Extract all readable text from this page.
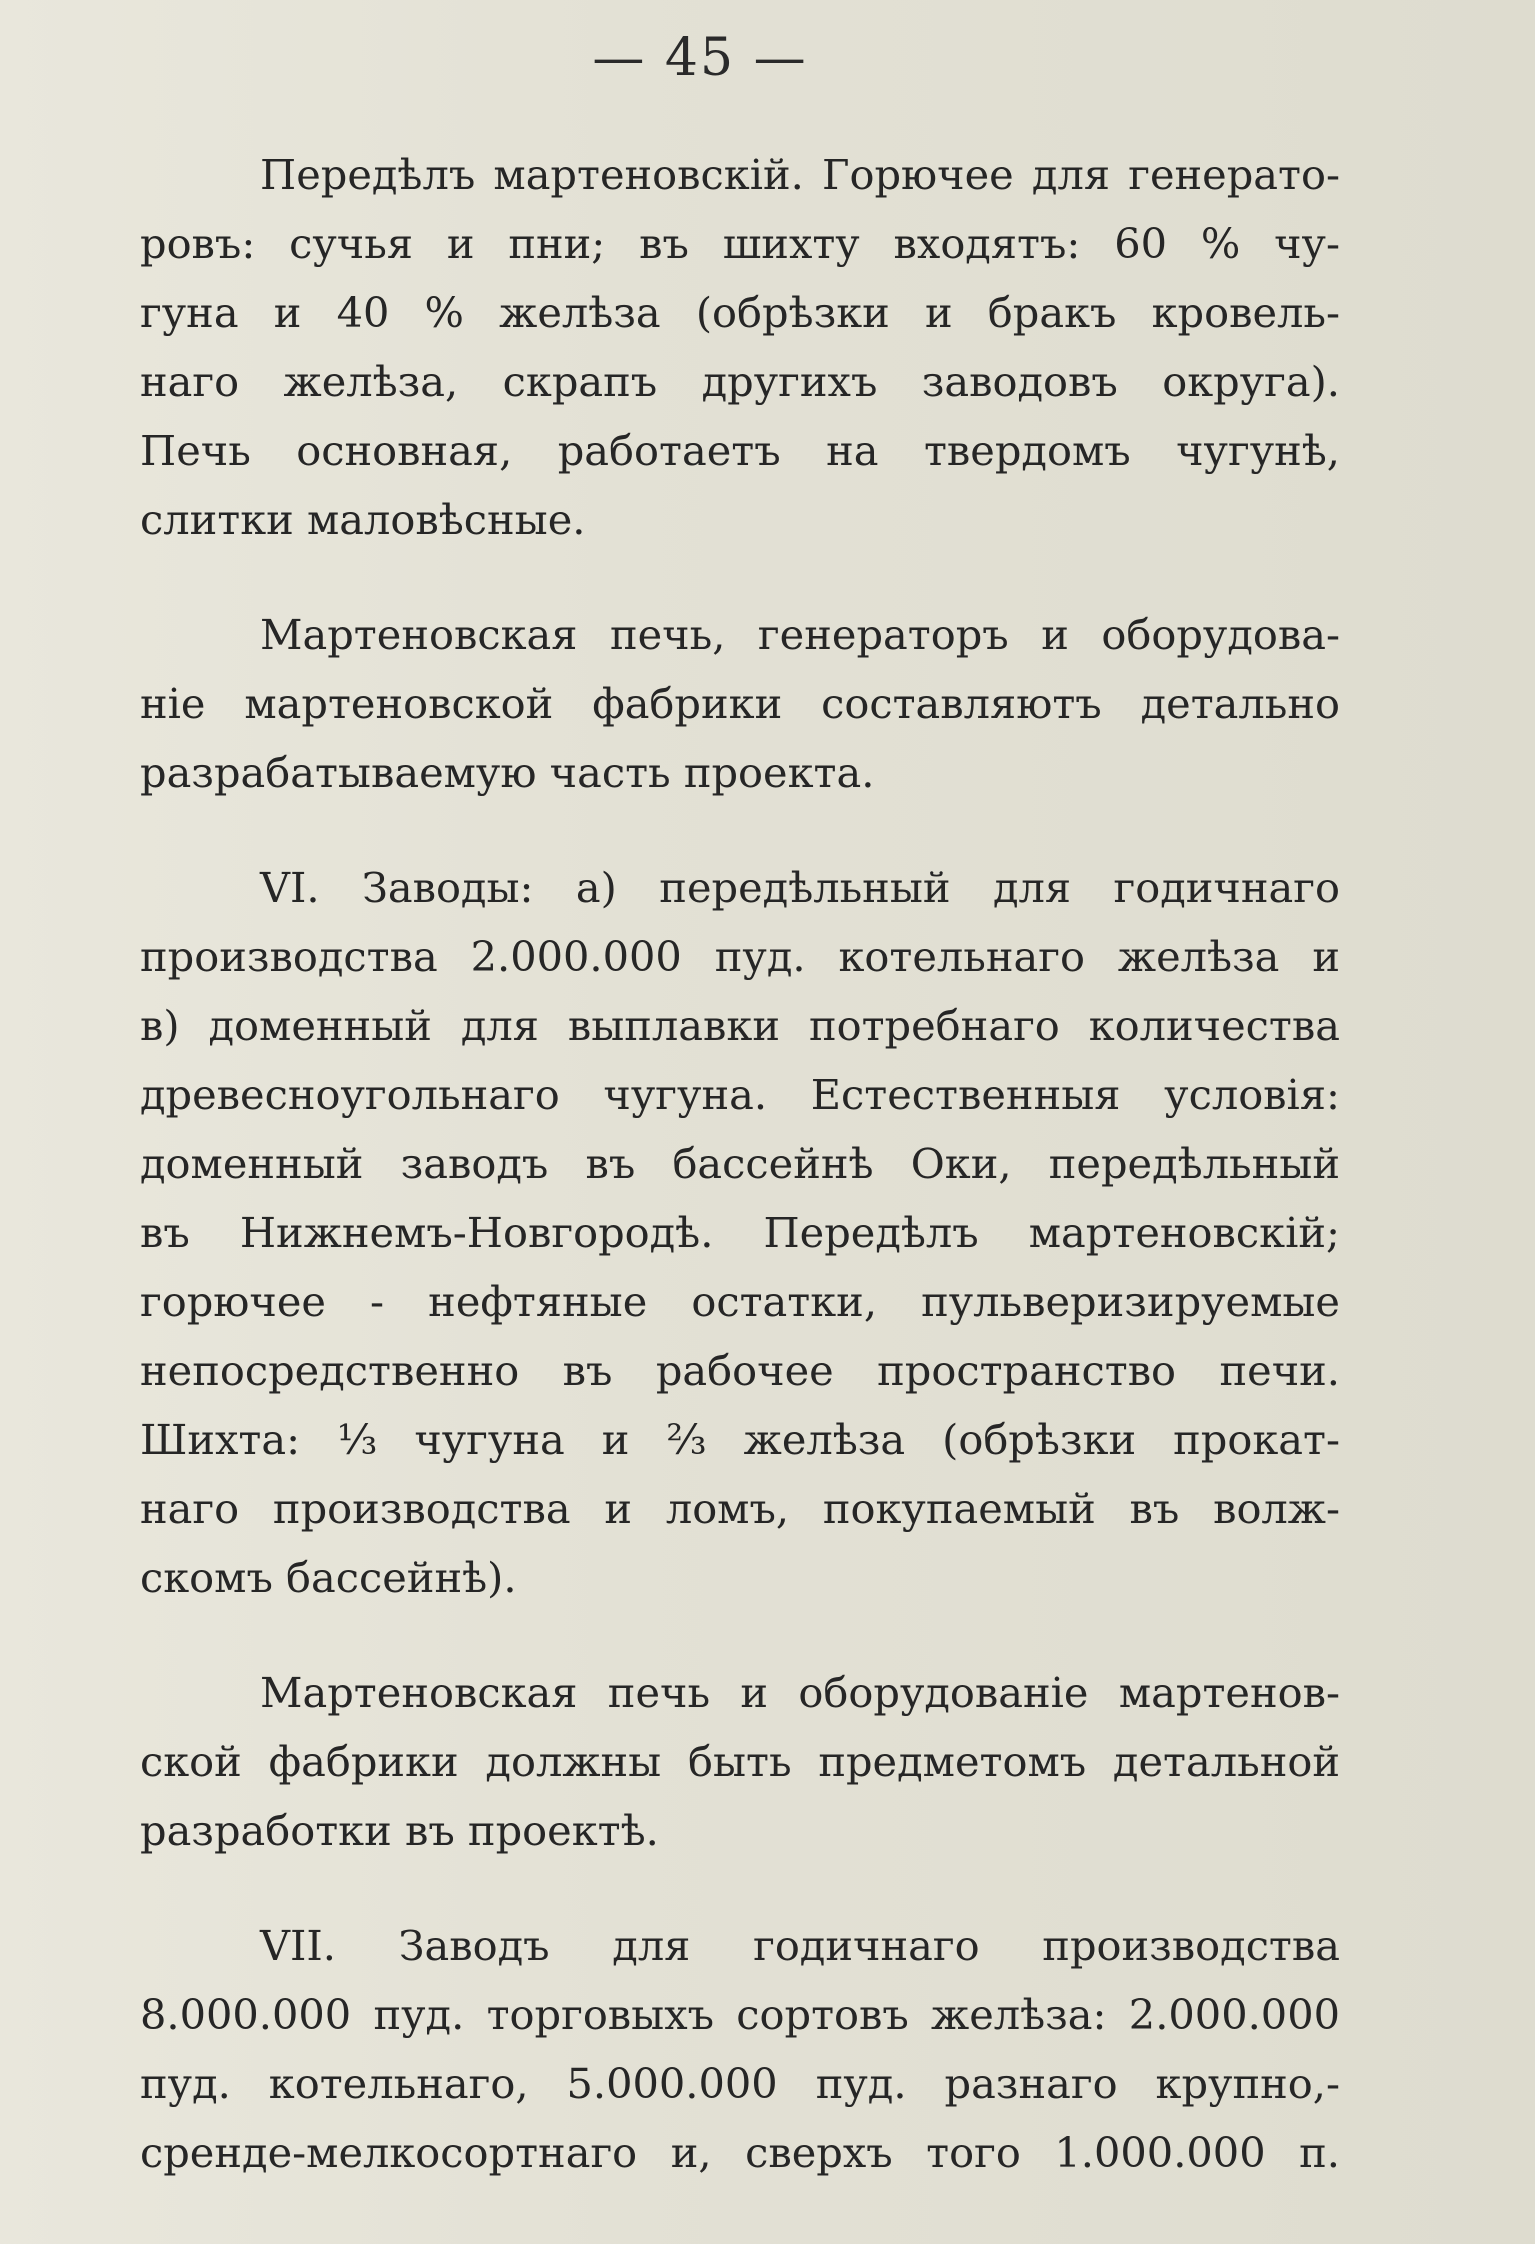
— 45 —
Передѣлъ мартеновскій. Горючее для генерато-
ровъ: сучья и пни; въ шихту входятъ: 60 % чу-
гуна и 40 % желѣза (обрѣзки и бракъ кровель-
наго желѣза, скрапъ другихъ заводовъ округа).
Печь основная, работаетъ на твердомъ чугунѣ,
слитки маловѣсные.
Мартеновская печь, генераторъ и оборудова-
ніе мартеновской фабрики составляютъ детально
разрабатываемую часть проекта.
VI. Заводы: а) передѣльный для годичнаго
производства 2.000.000 пуд. котельнаго желѣза и
в) доменный для выплавки потребнаго количества
древесноугольнаго чугуна. Естественныя условія:
доменный заводъ въ бассейнѣ Оки, передѣльный
въ Нижнемъ-Новгородѣ. Передѣлъ мартеновскій;
горючее - нефтяные остатки, пульверизируемые
непосредственно въ рабочее пространство печи.
Шихта: ⅓ чугуна и ⅔ желѣза (обрѣзки прокат-
наго производства и ломъ, покупаемый въ волж-
скомъ бассейнѣ).
Мартеновская печь и оборудованіе мартенов-
ской фабрики должны быть предметомъ детальной
разработки въ проектѣ.
VII. Заводъ для годичнаго производства
8.000.000 пуд. торговыхъ сортовъ желѣза: 2.000.000
пуд. котельнаго, 5.000.000 пуд. разнаго крупно,-
сренде-мелкосортнаго и, сверхъ того 1.000.000 п.
